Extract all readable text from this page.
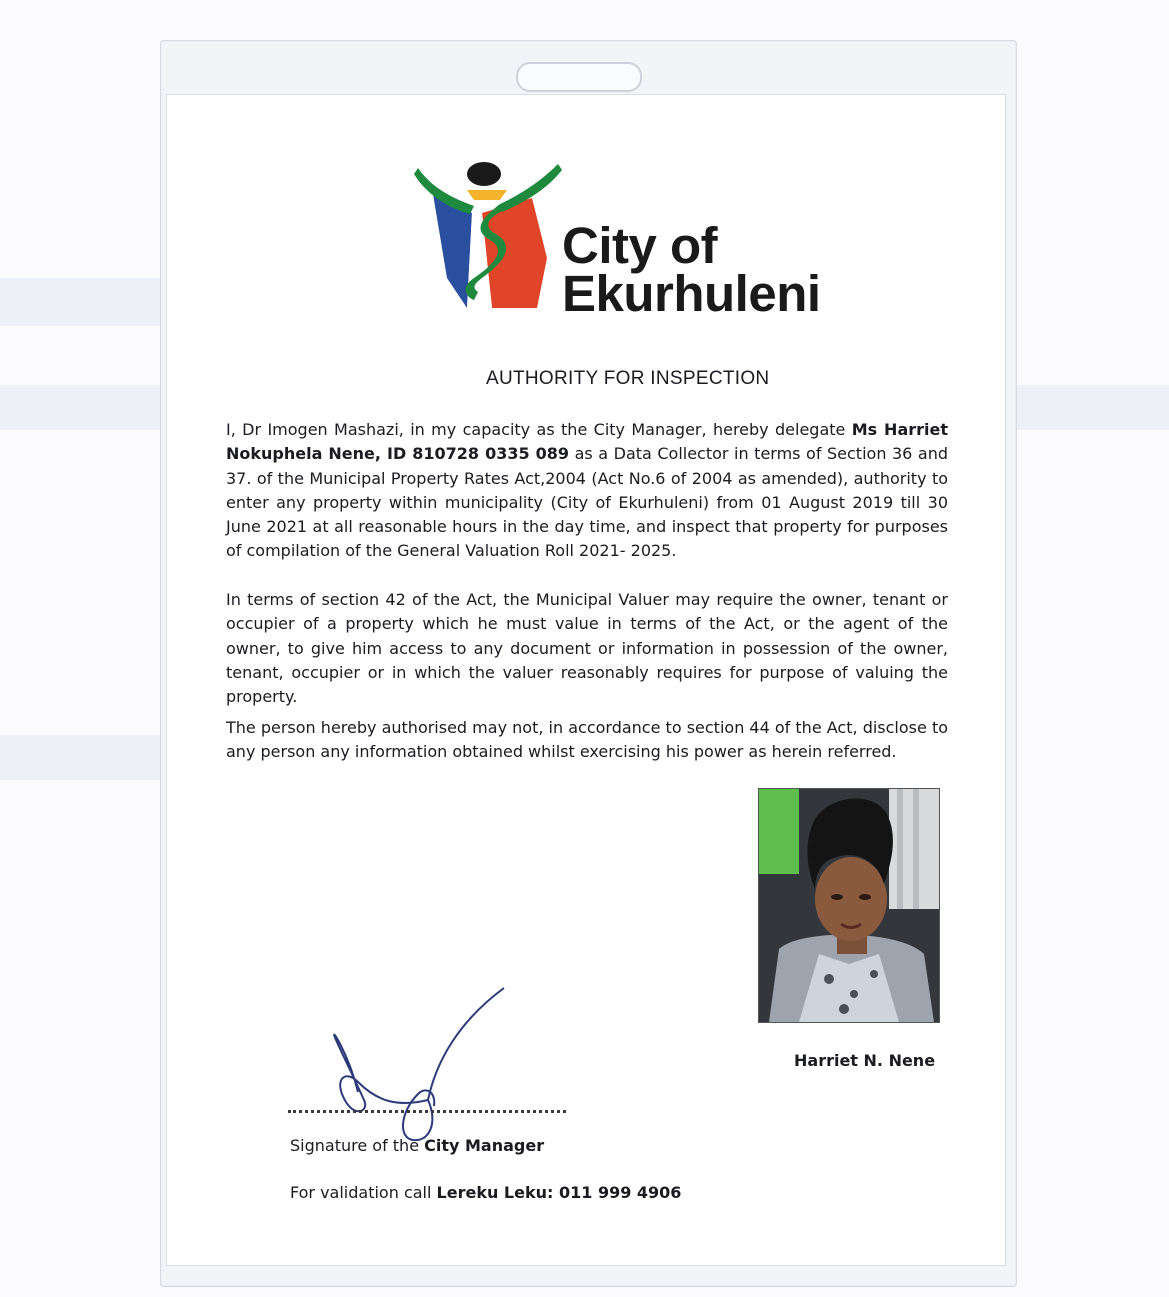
City of
Ekurhuleni
AUTHORITY FOR INSPECTION

I, Dr Imogen Mashazi, in my capacity as the City Manager, hereby delegate Ms Harriet Nokuphela Nene, ID 810728 0335 089 as a Data Collector in terms of Section 36 and 37. of the Municipal Property Rates Act,2004 (Act No.6 of 2004 as amended), authority to enter any property within municipality (City of Ekurhuleni) from 01 August 2019 till 30 June 2021 at all reasonable hours in the day time, and inspect that property for purposes of compilation of the General Valuation Roll 2021- 2025.

In terms of section 42 of the Act, the Municipal Valuer may require the owner, tenant or occupier of a property which he must value in terms of the Act, or the agent of the owner, to give him access to any document or information in possession of the owner, tenant, occupier or in which the valuer reasonably requires for purpose of valuing the property.

The person hereby authorised may not, in accordance to section 44 of the Act, disclose to any person any information obtained whilst exercising his power as herein referred.

Harriet N. Nene
Signature of the City Manager
For validation call Lereku Leku: 011 999 4906
